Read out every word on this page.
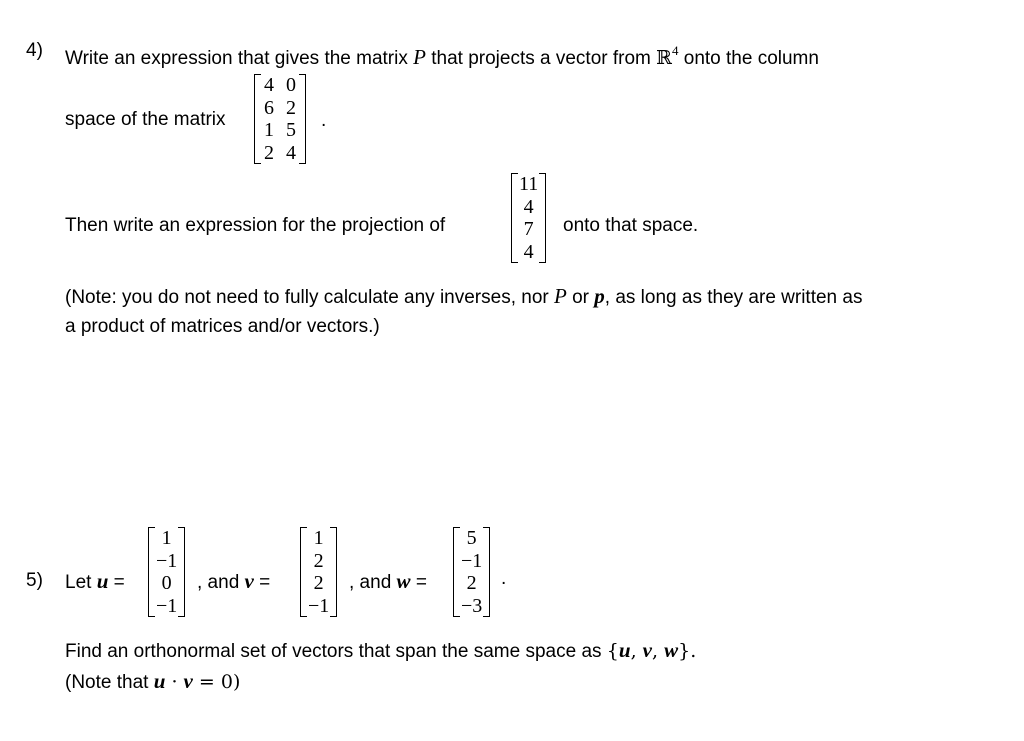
4) Write an expression that gives the matrix P that projects a vector from ℝ$^4$ onto the column
space of the matrix
4	0
6	2
1	5
2	4
.
Then write an expression for the projection of
11
4
7
4
onto that space.
(Note: you do not need to fully calculate any inverses, nor P or p, as long as they are written as
a product of matrices and/or vectors.)
5) Let u =
1
−1
0
−1
, and v =
1
2
2
−1
, and w =
5
−1
2
−3
.
Find an orthonormal set of vectors that span the same space as {u, v, w}.
(Note that u · v = 0)
